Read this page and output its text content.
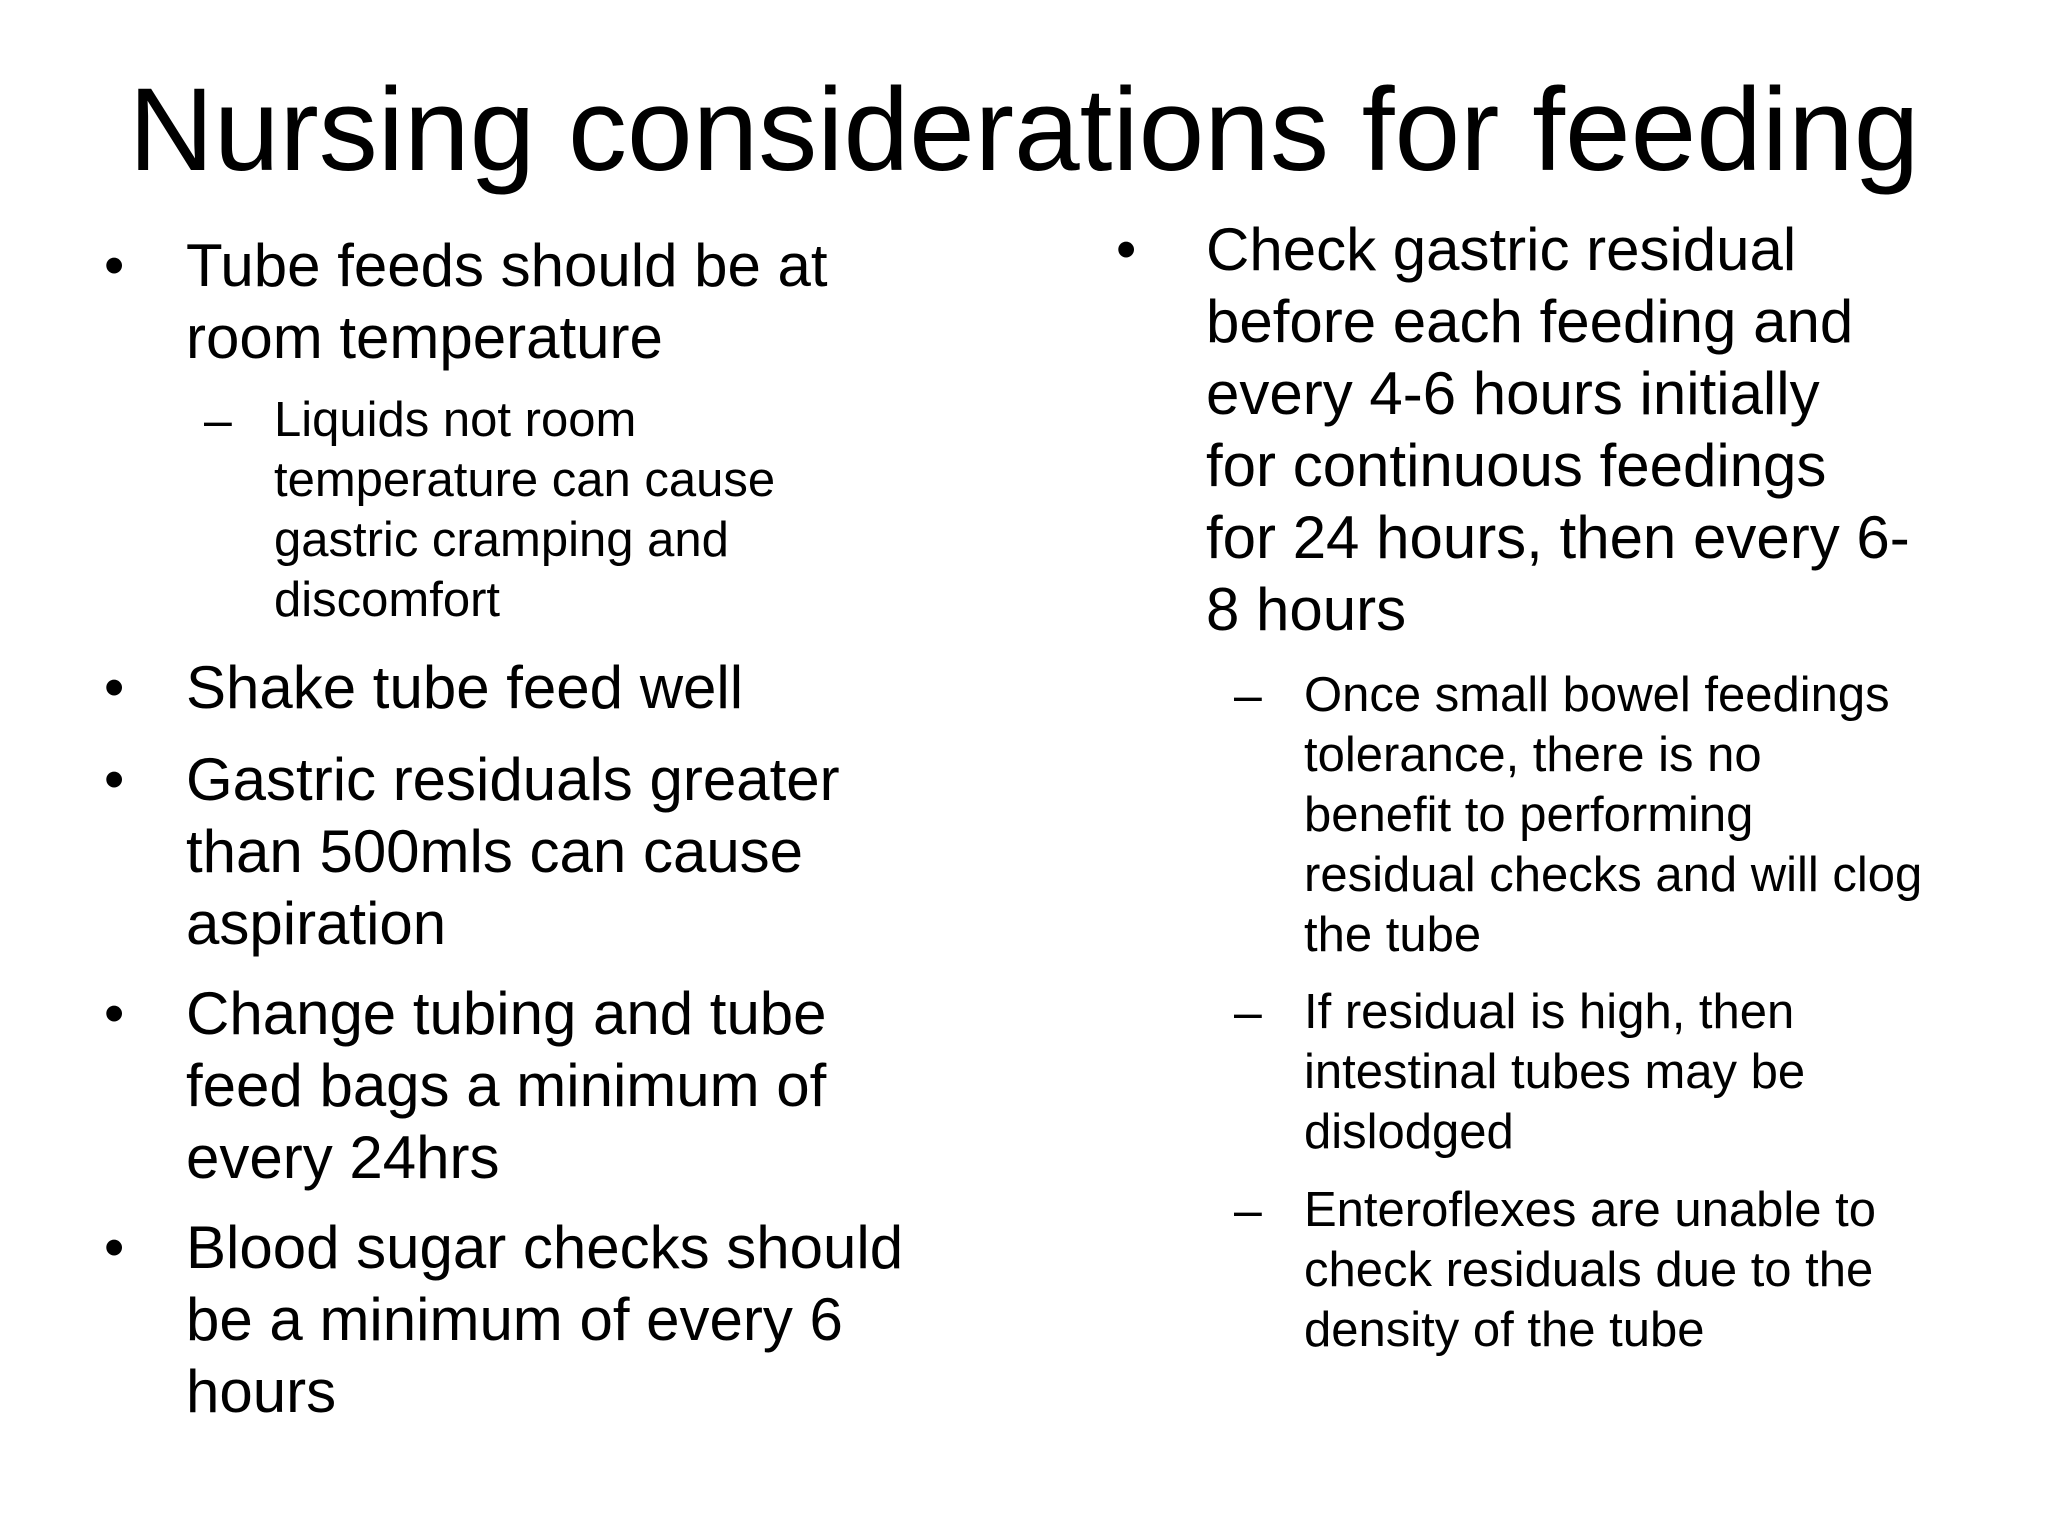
Nursing considerations for feeding
• Tube feeds should be at
room temperature
– Liquids not room
temperature can cause
gastric cramping and
discomfort
• Shake tube feed well
• Gastric residuals greater
than 500mls can cause
aspiration
• Change tubing and tube
feed bags a minimum of
every 24hrs
• Blood sugar checks should
be a minimum of every 6
hours
• Check gastric residual
before each feeding and
every 4-6 hours initially
for continuous feedings
for 24 hours, then every 6-
8 hours
– Once small bowel feedings
tolerance, there is no
benefit to performing
residual checks and will clog
the tube
– If residual is high, then
intestinal tubes may be
dislodged
– Enteroflexes are unable to
check residuals due to the
density of the tube
